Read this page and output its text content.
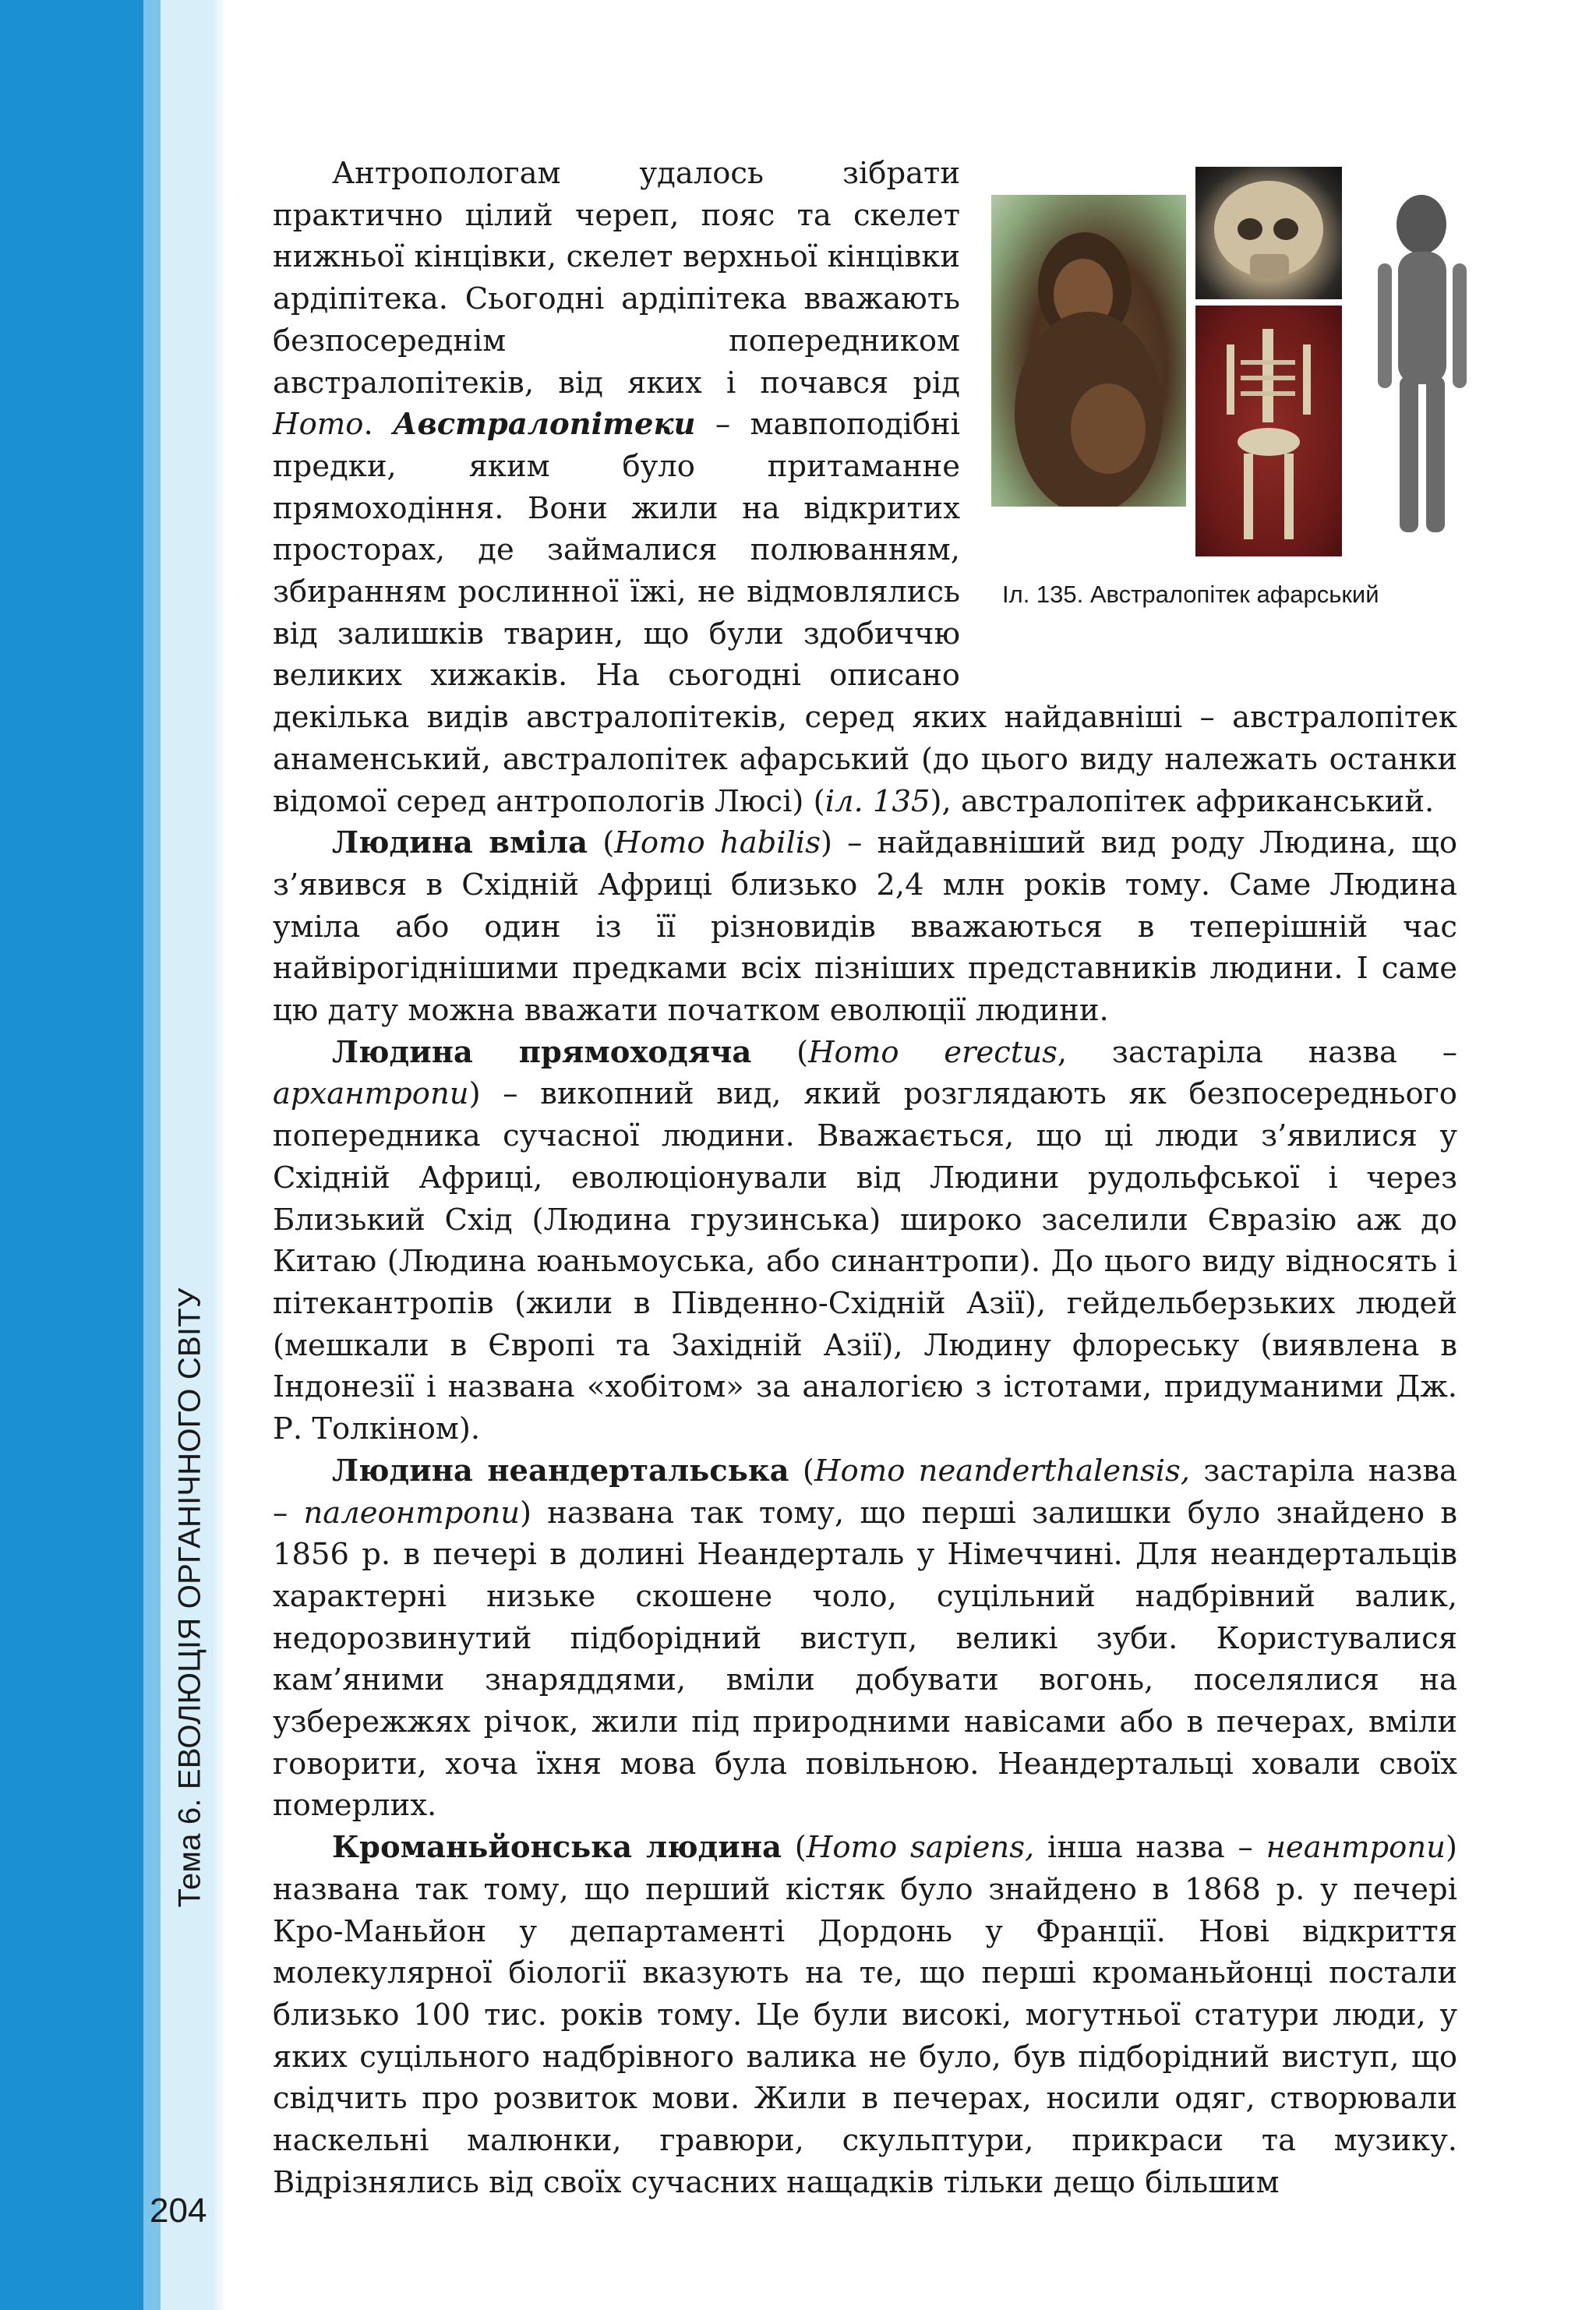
Тема 6. ЕВОЛЮЦІЯ ОРГАНІЧНОГО СВІТУ
204
Іл. 135. Австралопітек афарський

Антропологам удалось зібрати практично цілий череп, пояс та скелет нижньої кінцівки, скелет верхньої кінцівки ардіпітека. Сьогодні ардіпітека вважають безпосереднім попередником австралопітеків, від яких і почався рід Homo. Австралопітеки – мавпоподібні предки, яким було притаманне прямоходіння. Вони жили на відкритих просторах, де займалися полюванням, збиранням рослинної їжі, не відмовлялись від залишків тварин, що були здобиччю великих хижаків. На сьогодні описано декілька видів австралопітеків, серед яких найдавніші – австралопітек анаменський, австралопітек афарський (до цього виду належать останки відомої серед антропологів Люсі) (іл. 135), австралопітек африканський.

Людина вміла (Homo habilis) – найдавніший вид роду Людина, що з’явився в Східній Африці близько 2,4 млн років тому. Саме Людина уміла або один із її різновидів вважаються в теперішній час найвірогіднішими предками всіх пізніших представників людини. І саме цю дату можна вважати початком еволюції людини.

Людина прямоходяча (Homo erectus, застаріла назва – архантропи) – викопний вид, який розглядають як безпосереднього попередника сучасної людини. Вважається, що ці люди з’явилися у Східній Африці, еволюціонували від Людини рудольфської і через Близький Схід (Людина грузинська) широко заселили Євразію аж до Китаю (Людина юаньмоуська, або синантропи). До цього виду відносять і пітекантропів (жили в Південно-Східній Азії), гейдельберзьких людей (мешкали в Європі та Західній Азії), Людину флореську (виявлена в Індонезії і названа «хобітом» за аналогією з істотами, придуманими Дж. Р. Толкіном).

Людина неандертальська (Homo neanderthalensis, застаріла назва – палеонтропи) названа так тому, що перші залишки було знайдено в 1856 р. в печері в долині Неандерталь у Німеччині. Для неандертальців характерні низьке скошене чоло, суцільний надбрівний валик, недорозвинутий підборідний виступ, великі зуби. Користувалися кам’яними знаряддями, вміли добувати вогонь, поселялися на узбережжях річок, жили під природними навісами або в печерах, вміли говорити, хоча їхня мова була повільною. Неандертальці ховали своїх померлих.

Кроманьйонська людина (Homo sapiens, інша назва – неантропи) названа так тому, що перший кістяк було знайдено в 1868 р. у печері Кро-Маньйон у департаменті Дордонь у Франції. Нові відкриття молекулярної біології вказують на те, що перші кроманьйонці постали близько 100 тис. років тому. Це були високі, могутньої статури люди, у яких суцільного надбрівного валика не було, був підборідний виступ, що свідчить про розвиток мови. Жили в печерах, носили одяг, створювали наскельні малюнки, гравюри, скульптури, прикраси та музику. Відрізнялись від своїх сучасних нащадків тільки дещо більшим
